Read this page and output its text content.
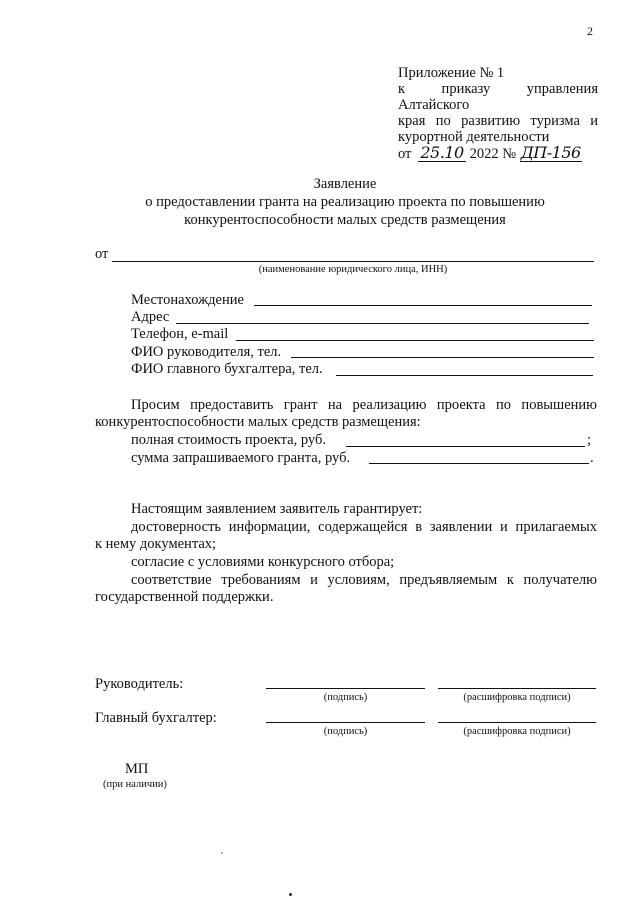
2
Приложение № 1
к приказу управления Алтайского
края по развитию туризма и
курортной деятельности
от 25.10 2022 № ДП-156
Заявление
о предоставлении гранта на реализацию проекта по повышению
конкурентоспособности малых средств размещения
от
(наименование юридического лица, ИНН)
Местонахождение
Адрес
Телефон, e-mail
ФИО руководителя, тел.
ФИО главного бухгалтера, тел.
Просим предоставить грант на реализацию проекта по повышению
конкурентоспособности малых средств размещения:
полная стоимость проекта, руб.	;
сумма запрашиваемого гранта, руб.	.
Настоящим заявлением заявитель гарантирует:
достоверность информации, содержащейся в заявлении и прилагаемых
к нему документах;
согласие с условиями конкурсного отбора;
соответствие требованиям и условиям, предъявляемым к получателю
государственной поддержки.
Руководитель:
(подпись)	(расшифровка подписи)
Главный бухгалтер:
(подпись)	(расшифровка подписи)
МП
(при наличии)
